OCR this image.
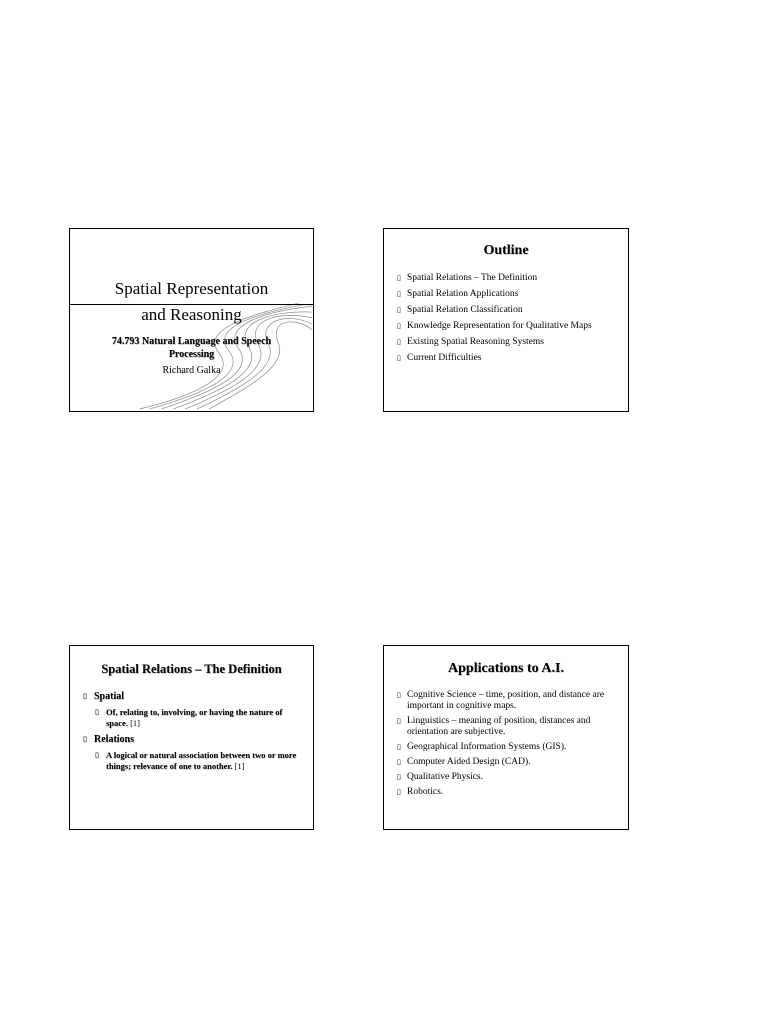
Spatial Representation
and Reasoning
74.793 Natural Language and Speech Processing
Richard Galka
Outline
▯ Spatial Relations – The Definition
▯ Spatial Relation Applications
▯ Spatial Relation Classification
▯ Knowledge Representation for Qualitative Maps
▯ Existing Spatial Reasoning Systems
▯ Current Difficulties
Spatial Relations – The Definition
▯ Spatial
▯ Of, relating to, involving, or having the nature of space. [1]
▯ Relations
▯ A logical or natural association between two or more things; relevance of one to another. [1]
Applications to A.I.
▯ Cognitive Science – time, position, and distance are important in cognitive maps.
▯ Linguistics – meaning of position, distances and orientation are subjective.
▯ Geographical Information Systems (GIS).
▯ Computer Aided Design (CAD).
▯ Qualitative Physics.
▯ Robotics.
